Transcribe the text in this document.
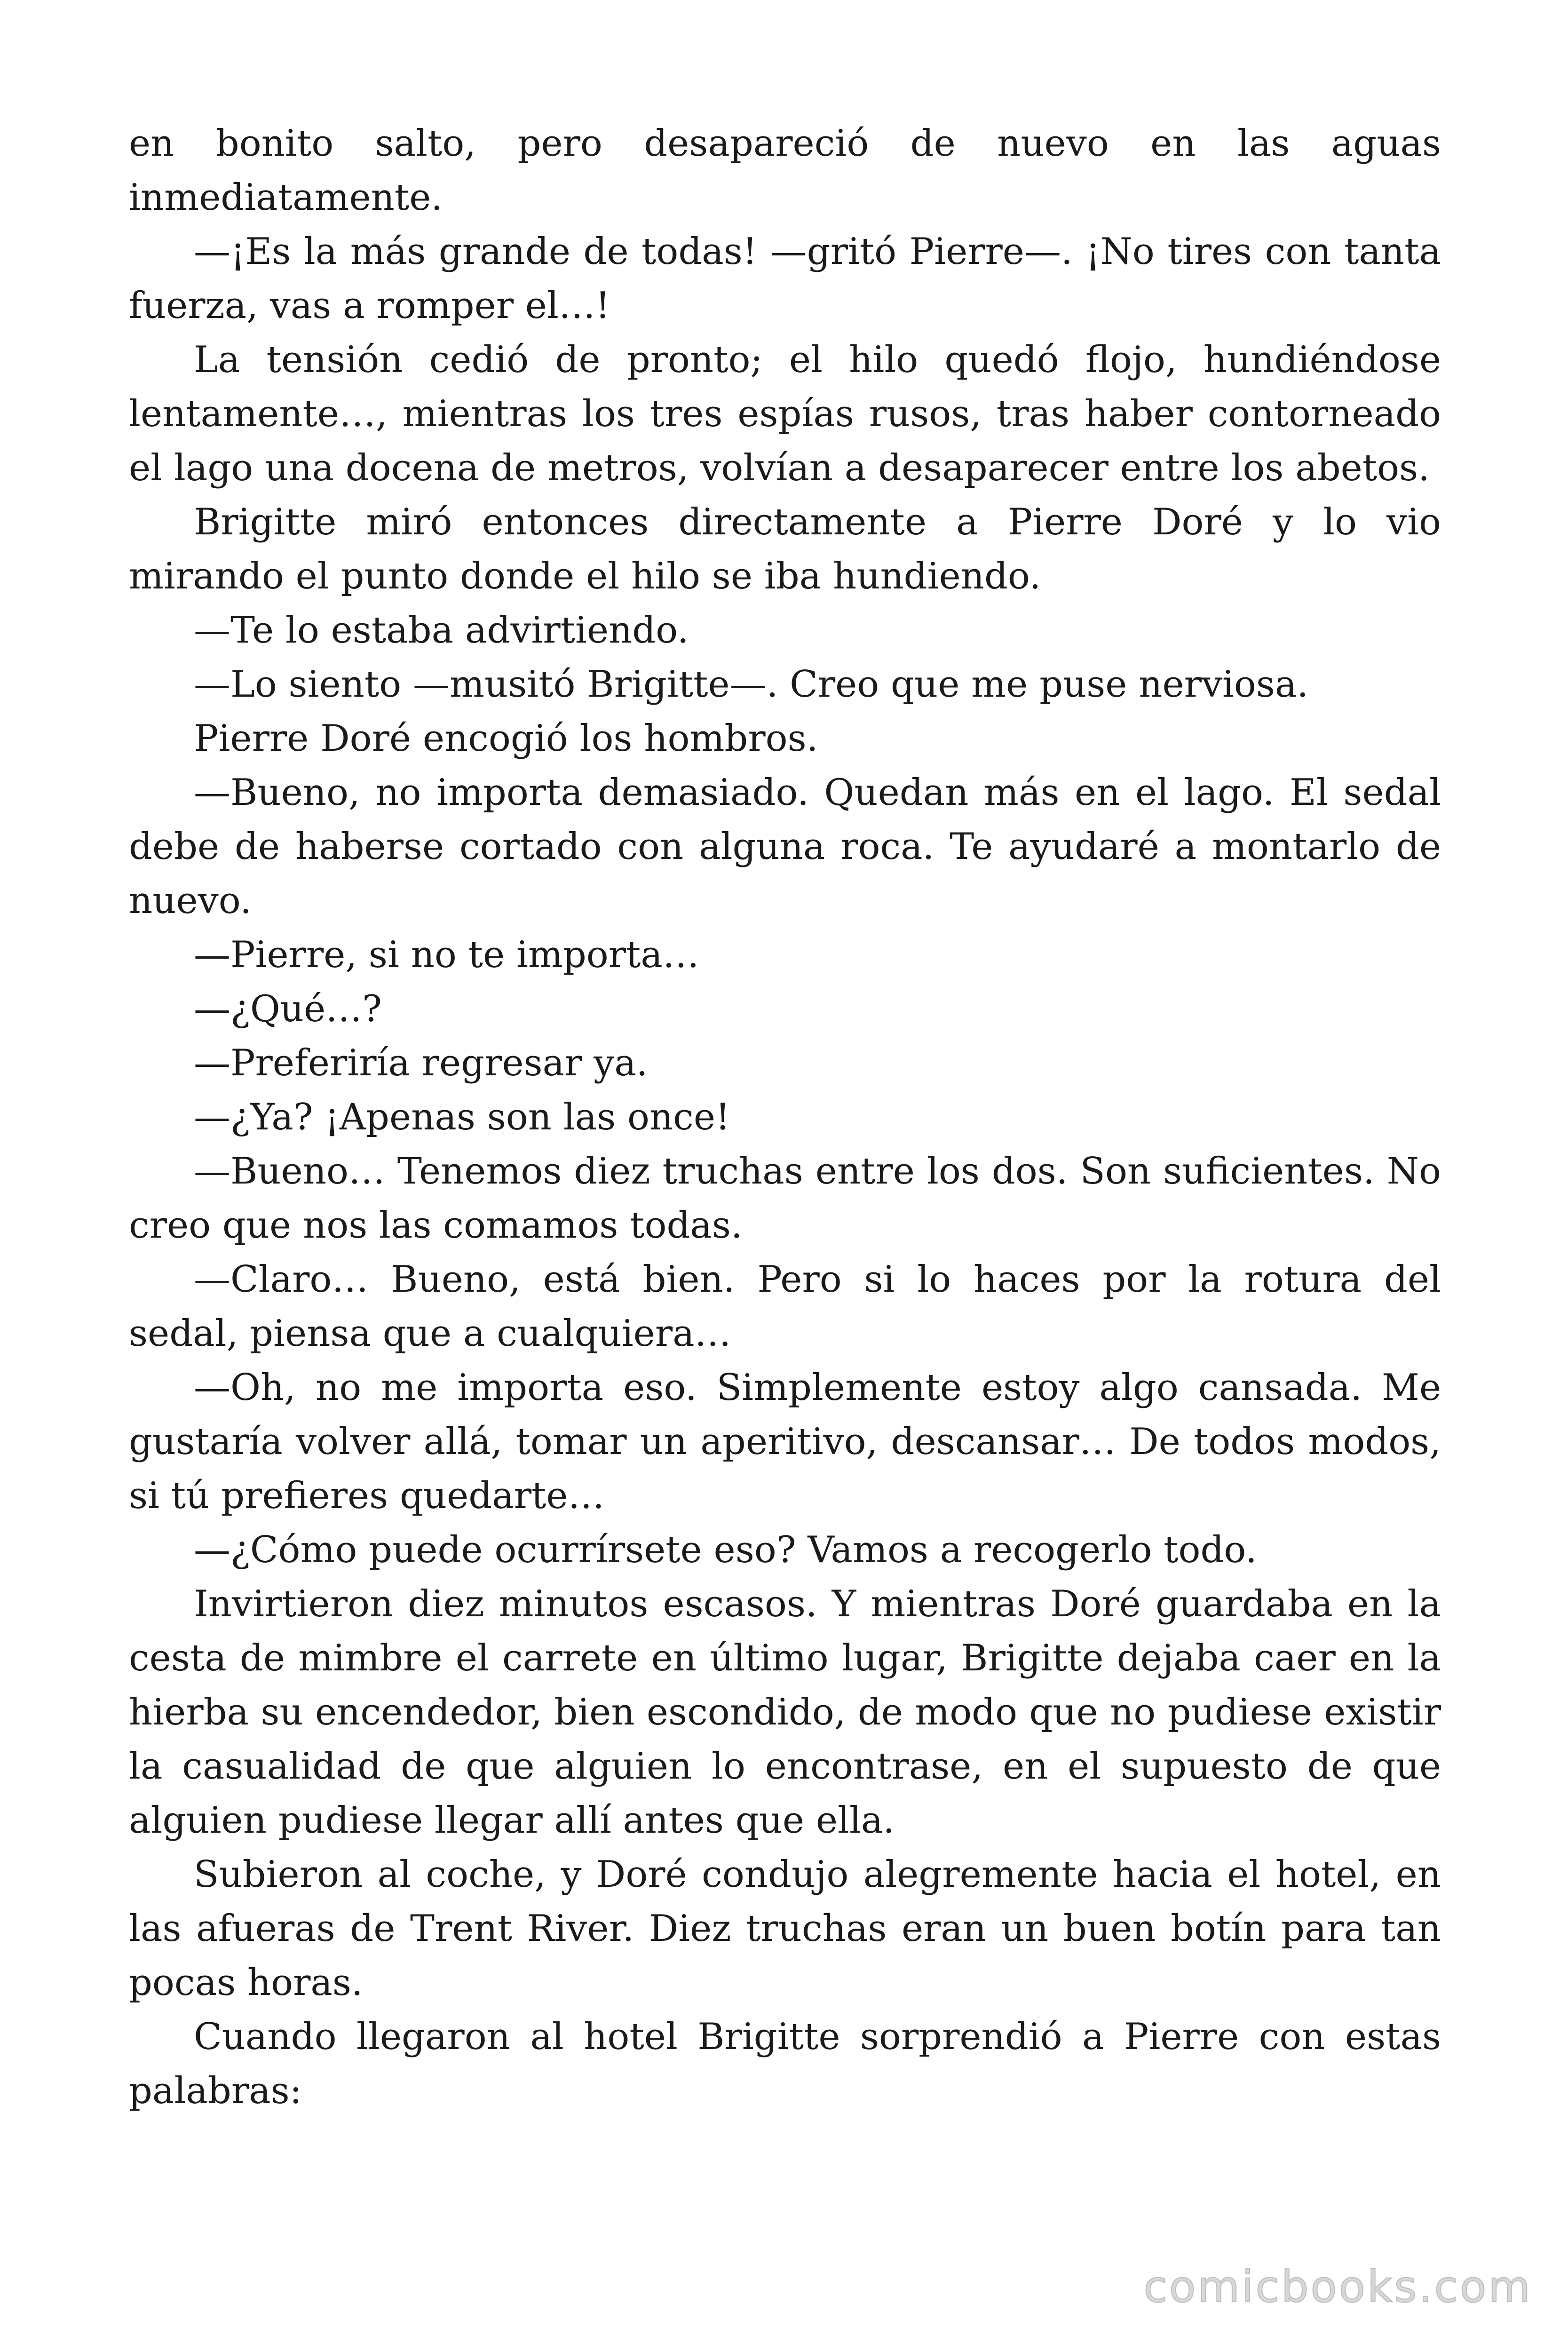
en bonito salto, pero desapareció de nuevo en las aguas inmediatamente.

—¡Es la más grande de todas! —gritó Pierre—. ¡No tires con tanta fuerza, vas a romper el…!

La tensión cedió de pronto; el hilo quedó flojo, hundiéndose lentamente…, mientras los tres espías rusos, tras haber contorneado el lago una docena de metros, volvían a desaparecer entre los abetos.

Brigitte miró entonces directamente a Pierre Doré y lo vio mirando el punto donde el hilo se iba hundiendo.

—Te lo estaba advirtiendo.

—Lo siento —musitó Brigitte—. Creo que me puse nerviosa.

Pierre Doré encogió los hombros.

—Bueno, no importa demasiado. Quedan más en el lago. El sedal debe de haberse cortado con alguna roca. Te ayudaré a montarlo de nuevo.

—Pierre, si no te importa…

—¿Qué…?

—Preferiría regresar ya.

—¿Ya? ¡Apenas son las once!

—Bueno… Tenemos diez truchas entre los dos. Son suficientes. No creo que nos las comamos todas.

—Claro… Bueno, está bien. Pero si lo haces por la rotura del sedal, piensa que a cualquiera…

—Oh, no me importa eso. Simplemente estoy algo cansada. Me gustaría volver allá, tomar un aperitivo, descansar… De todos modos, si tú prefieres quedarte…

—¿Cómo puede ocurrírsete eso? Vamos a recogerlo todo.

Invirtieron diez minutos escasos. Y mientras Doré guardaba en la cesta de mimbre el carrete en último lugar, Brigitte dejaba caer en la hierba su encendedor, bien escondido, de modo que no pudiese existir la casualidad de que alguien lo encontrase, en el supuesto de que alguien pudiese llegar allí antes que ella.

Subieron al coche, y Doré condujo alegremente hacia el hotel, en las afueras de Trent River. Diez truchas eran un buen botín para tan pocas horas.

Cuando llegaron al hotel Brigitte sorprendió a Pierre con estas palabras:

comicbooks.com
